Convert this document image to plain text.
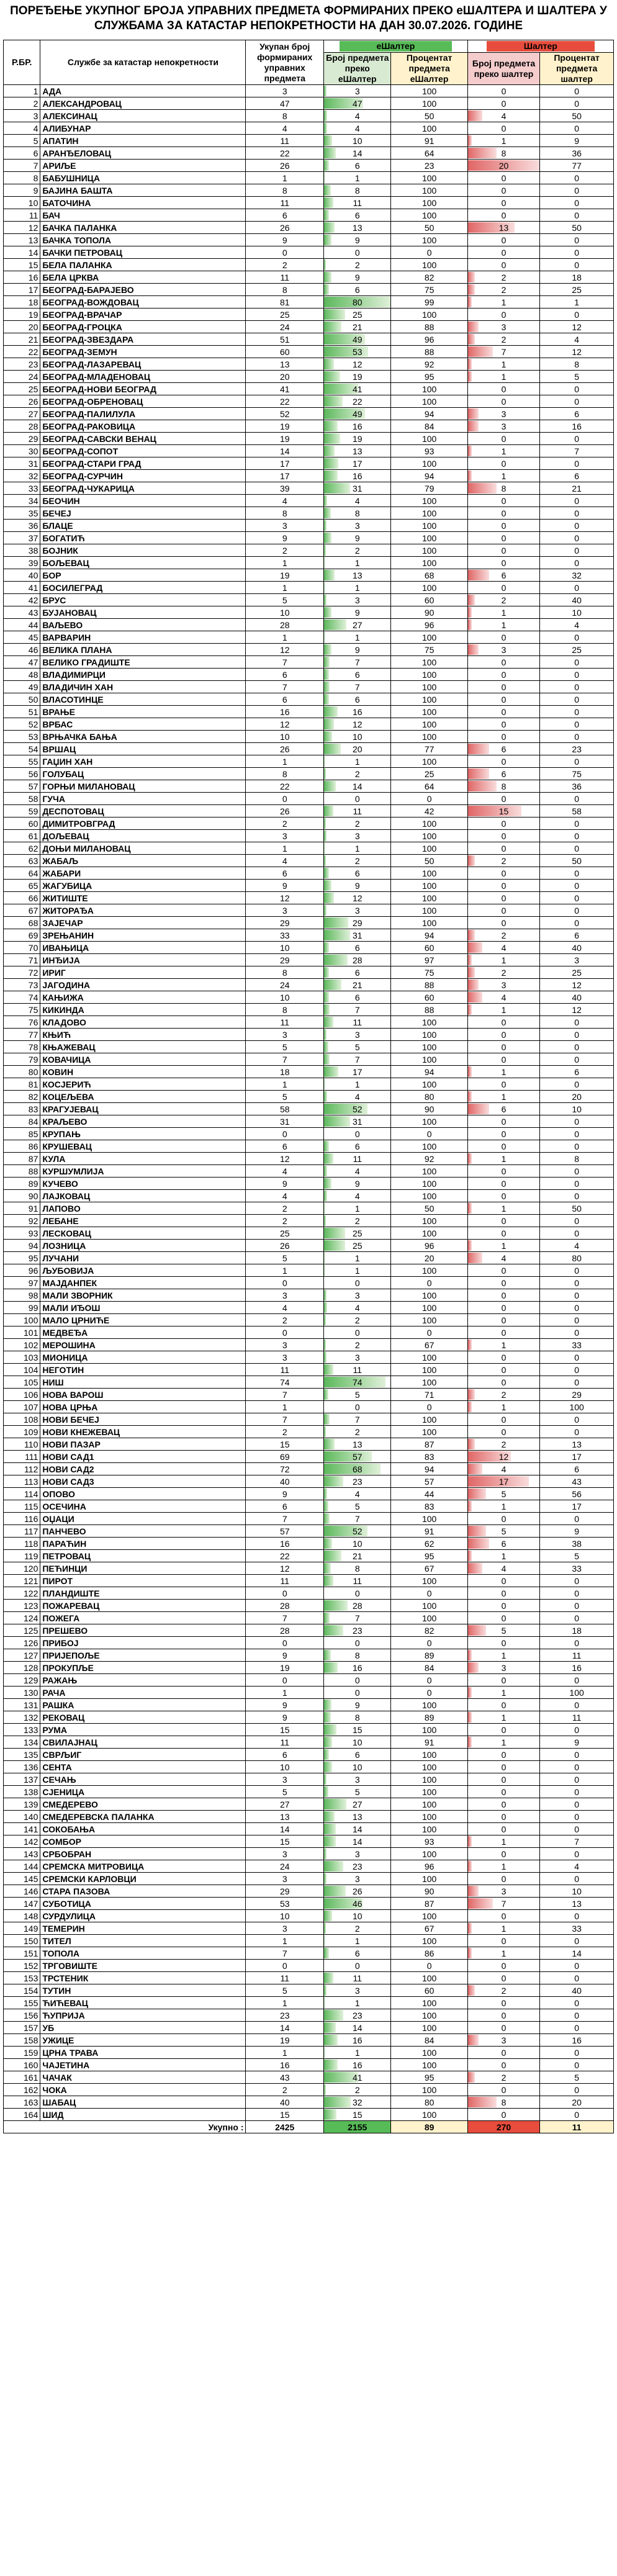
ПОРЕЂЕЊЕ УКУПНОГ БРОЈА УПРАВНИХ ПРЕДМЕТА ФОРМИРАНИХ ПРЕКО еШАЛТЕРА И ШАЛТЕРА У СЛУЖБАМА ЗА КАТАСТАР НЕПОКРЕТНОСТИ НА ДАН 30.07.2026. ГОДИНЕ
Р.БР.	Службе за катастар непокретности	Укупан број формираних управних предмета	еШалтер		Шалтер	
			Број предмета преко еШалтер	Процентат предмета еШалтер	Број предмета преко шалтер	Процентат предмета шалтер
1	АДА	3	3	100	0	0
2	АЛЕКСАНДРОВАЦ	47	47	100	0	0
3	АЛЕКСИНАЦ	8	4	50	4	50
4	АЛИБУНАР	4	4	100	0	0
5	АПАТИН	11	10	91	1	9
6	АРАНЂЕЛОВАЦ	22	14	64	8	36
7	АРИЉЕ	26	6	23	20	77
8	БАБУШНИЦА	1	1	100	0	0
9	БАЈИНА БАШТА	8	8	100	0	0
10	БАТОЧИНА	11	11	100	0	0
11	БАЧ	6	6	100	0	0
12	БАЧКА ПАЛАНКА	26	13	50	13	50
13	БАЧКА ТОПОЛА	9	9	100	0	0
14	БАЧКИ ПЕТРОВАЦ	0	0	0	0	0
15	БЕЛА ПАЛАНКА	2	2	100	0	0
16	БЕЛА ЦРКВА	11	9	82	2	18
17	БЕОГРАД-БАРАЈЕВО	8	6	75	2	25
18	БЕОГРАД-ВОЖДОВАЦ	81	80	99	1	1
19	БЕОГРАД-ВРАЧАР	25	25	100	0	0
20	БЕОГРАД-ГРОЦКА	24	21	88	3	12
21	БЕОГРАД-ЗВЕЗДАРА	51	49	96	2	4
22	БЕОГРАД-ЗЕМУН	60	53	88	7	12
23	БЕОГРАД-ЛАЗАРЕВАЦ	13	12	92	1	8
24	БЕОГРАД-МЛАДЕНОВАЦ	20	19	95	1	5
25	БЕОГРАД-НОВИ БЕОГРАД	41	41	100	0	0
26	БЕОГРАД-ОБРЕНОВАЦ	22	22	100	0	0
27	БЕОГРАД-ПАЛИЛУЛА	52	49	94	3	6
28	БЕОГРАД-РАКОВИЦА	19	16	84	3	16
29	БЕОГРАД-САВСКИ ВЕНАЦ	19	19	100	0	0
30	БЕОГРАД-СОПОТ	14	13	93	1	7
31	БЕОГРАД-СТАРИ ГРАД	17	17	100	0	0
32	БЕОГРАД-СУРЧИН	17	16	94	1	6
33	БЕОГРАД-ЧУКАРИЦА	39	31	79	8	21
34	БЕОЧИН	4	4	100	0	0
35	БЕЧЕЈ	8	8	100	0	0
36	БЛАЦЕ	3	3	100	0	0
37	БОГАТИЋ	9	9	100	0	0
38	БОЈНИК	2	2	100	0	0
39	БОЉЕВАЦ	1	1	100	0	0
40	БОР	19	13	68	6	32
41	БОСИЛЕГРАД	1	1	100	0	0
42	БРУС	5	3	60	2	40
43	БУЈАНОВАЦ	10	9	90	1	10
44	ВАЉЕВО	28	27	96	1	4
45	ВАРВАРИН	1	1	100	0	0
46	ВЕЛИКА ПЛАНА	12	9	75	3	25
47	ВЕЛИКО ГРАДИШТЕ	7	7	100	0	0
48	ВЛАДИМИРЦИ	6	6	100	0	0
49	ВЛАДИЧИН ХАН	7	7	100	0	0
50	ВЛАСОТИНЦЕ	6	6	100	0	0
51	ВРАЊЕ	16	16	100	0	0
52	ВРБАС	12	12	100	0	0
53	ВРЊАЧКА БАЊА	10	10	100	0	0
54	ВРШАЦ	26	20	77	6	23
55	ГАЏИН ХАН	1	1	100	0	0
56	ГОЛУБАЦ	8	2	25	6	75
57	ГОРЊИ МИЛАНОВАЦ	22	14	64	8	36
58	ГУЧА	0	0	0	0	0
59	ДЕСПОТОВАЦ	26	11	42	15	58
60	ДИМИТРОВГРАД	2	2	100	0	0
61	ДОЉЕВАЦ	3	3	100	0	0
62	ДОЊИ МИЛАНОВАЦ	1	1	100	0	0
63	ЖАБАЉ	4	2	50	2	50
64	ЖАБАРИ	6	6	100	0	0
65	ЖАГУБИЦА	9	9	100	0	0
66	ЖИТИШТЕ	12	12	100	0	0
67	ЖИТОРАЂА	3	3	100	0	0
68	ЗАЈЕЧАР	29	29	100	0	0
69	ЗРЕЊАНИН	33	31	94	2	6
70	ИВАЊИЦА	10	6	60	4	40
71	ИНЂИЈА	29	28	97	1	3
72	ИРИГ	8	6	75	2	25
73	ЈАГОДИНА	24	21	88	3	12
74	КАЊИЖА	10	6	60	4	40
75	КИКИНДА	8	7	88	1	12
76	КЛАДОВО	11	11	100	0	0
77	КЊИЋ	3	3	100	0	0
78	КЊАЖЕВАЦ	5	5	100	0	0
79	КОВАЧИЦА	7	7	100	0	0
80	КОВИН	18	17	94	1	6
81	КОСЈЕРИЋ	1	1	100	0	0
82	КОЦЕЉЕВА	5	4	80	1	20
83	КРАГУЈЕВАЦ	58	52	90	6	10
84	КРАЉЕВО	31	31	100	0	0
85	КРУПАЊ	0	0	0	0	0
86	КРУШЕВАЦ	6	6	100	0	0
87	КУЛА	12	11	92	1	8
88	КУРШУМЛИЈА	4	4	100	0	0
89	КУЧЕВО	9	9	100	0	0
90	ЛАЈКОВАЦ	4	4	100	0	0
91	ЛАПОВО	2	1	50	1	50
92	ЛЕБАНЕ	2	2	100	0	0
93	ЛЕСКОВАЦ	25	25	100	0	0
94	ЛОЗНИЦА	26	25	96	1	4
95	ЛУЧАНИ	5	1	20	4	80
96	ЉУБОВИЈА	1	1	100	0	0
97	МАЈДАНПЕК	0	0	0	0	0
98	МАЛИ ЗВОРНИК	3	3	100	0	0
99	МАЛИ ИЂОШ	4	4	100	0	0
100	МАЛО ЦРНИЋЕ	2	2	100	0	0
101	МЕДВЕЂА	0	0	0	0	0
102	МЕРОШИНА	3	2	67	1	33
103	МИОНИЦА	3	3	100	0	0
104	НЕГОТИН	11	11	100	0	0
105	НИШ	74	74	100	0	0
106	НОВА ВАРОШ	7	5	71	2	29
107	НОВА ЦРЊА	1	0	0	1	100
108	НОВИ БЕЧЕЈ	7	7	100	0	0
109	НОВИ КНЕЖЕВАЦ	2	2	100	0	0
110	НОВИ ПАЗАР	15	13	87	2	13
111	НОВИ САД1	69	57	83	12	17
112	НОВИ САД2	72	68	94	4	6
113	НОВИ САД3	40	23	57	17	43
114	ОПОВО	9	4	44	5	56
115	ОСЕЧИНА	6	5	83	1	17
116	ОЏАЦИ	7	7	100	0	0
117	ПАНЧЕВО	57	52	91	5	9
118	ПАРАЋИН	16	10	62	6	38
119	ПЕТРОВАЦ	22	21	95	1	5
120	ПЕЋИНЦИ	12	8	67	4	33
121	ПИРОТ	11	11	100	0	0
122	ПЛАНДИШТЕ	0	0	0	0	0
123	ПОЖАРЕВАЦ	28	28	100	0	0
124	ПОЖЕГА	7	7	100	0	0
125	ПРЕШЕВО	28	23	82	5	18
126	ПРИБОЈ	0	0	0	0	0
127	ПРИЈЕПОЉЕ	9	8	89	1	11
128	ПРОКУПЉЕ	19	16	84	3	16
129	РАЖАЊ	0	0	0	0	0
130	РАЧА	1	0	0	1	100
131	РАШКА	9	9	100	0	0
132	РЕКОВАЦ	9	8	89	1	11
133	РУМА	15	15	100	0	0
134	СВИЛАЈНАЦ	11	10	91	1	9
135	СВРЉИГ	6	6	100	0	0
136	СЕНТА	10	10	100	0	0
137	СЕЧАЊ	3	3	100	0	0
138	СЈЕНИЦА	5	5	100	0	0
139	СМЕДЕРЕВО	27	27	100	0	0
140	СМЕДЕРЕВСКА ПАЛАНКА	13	13	100	0	0
141	СОКОБАЊА	14	14	100	0	0
142	СОМБОР	15	14	93	1	7
143	СРБОБРАН	3	3	100	0	0
144	СРЕМСКА МИТРОВИЦА	24	23	96	1	4
145	СРЕМСКИ КАРЛОВЦИ	3	3	100	0	0
146	СТАРА ПАЗОВА	29	26	90	3	10
147	СУБОТИЦА	53	46	87	7	13
148	СУРДУЛИЦА	10	10	100	0	0
149	ТЕМЕРИН	3	2	67	1	33
150	ТИТЕЛ	1	1	100	0	0
151	ТОПОЛА	7	6	86	1	14
152	ТРГОВИШТЕ	0	0	0	0	0
153	ТРСТЕНИК	11	11	100	0	0
154	ТУТИН	5	3	60	2	40
155	ЋИЋЕВАЦ	1	1	100	0	0
156	ЋУПРИЈА	23	23	100	0	0
157	УБ	14	14	100	0	0
158	УЖИЦЕ	19	16	84	3	16
159	ЦРНА ТРАВА	1	1	100	0	0
160	ЧАЈЕТИНА	16	16	100	0	0
161	ЧАЧАК	43	41	95	2	5
162	ЧОКА	2	2	100	0	0
163	ШАБАЦ	40	32	80	8	20
164	ШИД	15	15	100	0	0
Укупно :		2425	2155	89	270	11
